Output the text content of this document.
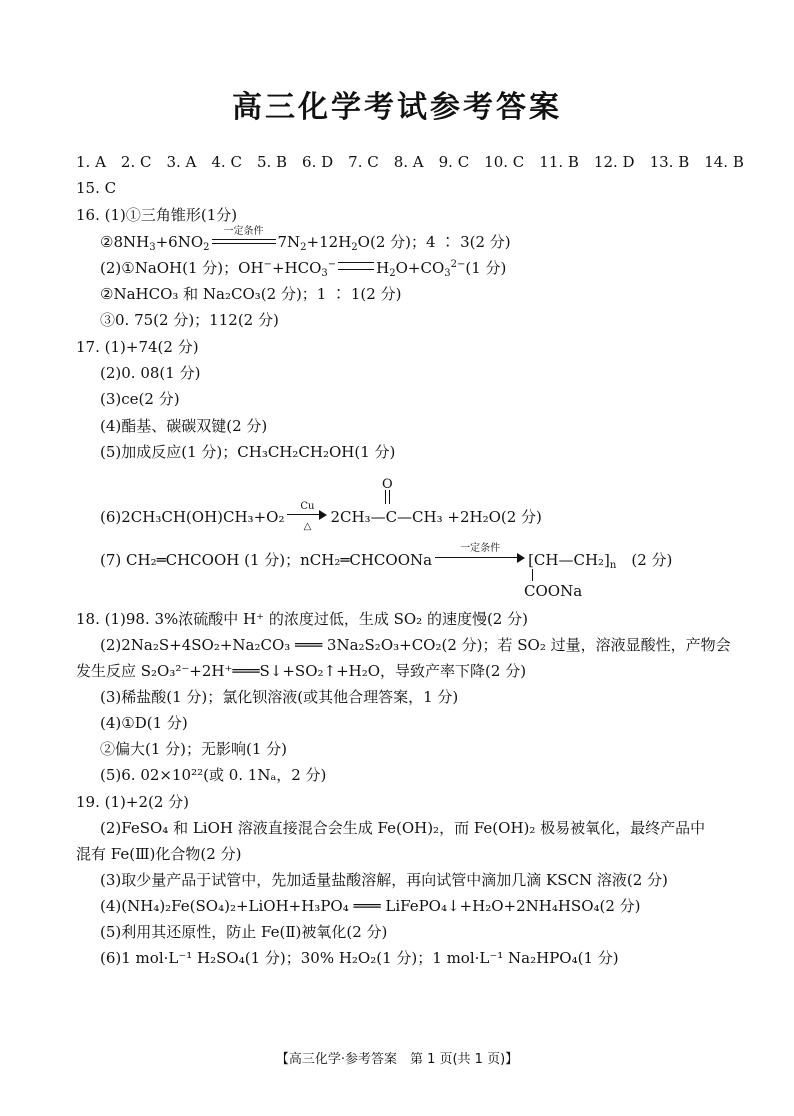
高三化学考试参考答案
1. A　2. C　3. A　4. C　5. B　6. D　7. C　8. A　9. C　10. C　11. B　12. D　13. B　14. B
15. C
16. (1)①三角锥形(1分)
$②8NH_3+6NO_2$
一定条件
$7N_2+12H_2O(2$ 分)；4 ∶ 3(2 分)
(2)①NaOH(1 分)；$OH^-+HCO_3^-$	$H_2O+CO_3^{2-}(1$ 分)
②NaHCO₃ 和 Na₂CO₃(2 分)；1 ∶ 1(2 分)
③0. 75(2 分)；112(2 分)
17. (1)+74(2 分)
(2)0. 08(1 分)
(3)ce(2 分)
(4)酯基、碳碳双键(2 分)
(5)加成反应(1 分)；CH₃CH₂CH₂OH(1 分)
O
(6)2CH₃CH(OH)CH₃+O₂
Cu
△
2CH₃—C—CH₃ +2H₂O(2 分)
(7) CH₂═CHCOOH (1 分)；nCH₂═CHCOONa
一定条件
$[CH—CH_2]_n$　 (2 分)
COONa
18. (1)98. 3%浓硫酸中 H⁺ 的浓度过低，生成 SO₂ 的速度慢(2 分)
(2)2Na₂S+4SO₂+Na₂CO₃ ═══ 3Na₂S₂O₃+CO₂(2 分)；若 SO₂ 过量，溶液显酸性，产物会
发生反应 S₂O₃²⁻+2H⁺═══S↓+SO₂↑+H₂O，导致产率下降(2 分)
(3)稀盐酸(1 分)；氯化钡溶液(或其他合理答案，1 分)
(4)①D(1 分)
②偏大(1 分)；无影响(1 分)
(5)6. 02×10²²(或 0. 1Nₐ，2 分)
19. (1)+2(2 分)
(2)FeSO₄ 和 LiOH 溶液直接混合会生成 Fe(OH)₂，而 Fe(OH)₂ 极易被氧化，最终产品中
混有 Fe(Ⅲ)化合物(2 分)
(3)取少量产品于试管中，先加适量盐酸溶解，再向试管中滴加几滴 KSCN 溶液(2 分)
(4)(NH₄)₂Fe(SO₄)₂+LiOH+H₃PO₄ ═══ LiFePO₄↓+H₂O+2NH₄HSO₄(2 分)
(5)利用其还原性，防止 Fe(Ⅱ)被氧化(2 分)
(6)1 mol·L⁻¹ H₂SO₄(1 分)；30% H₂O₂(1 分)；1 mol·L⁻¹ Na₂HPO₄(1 分)
【高三化学·参考答案　第 1 页(共 1 页)】
